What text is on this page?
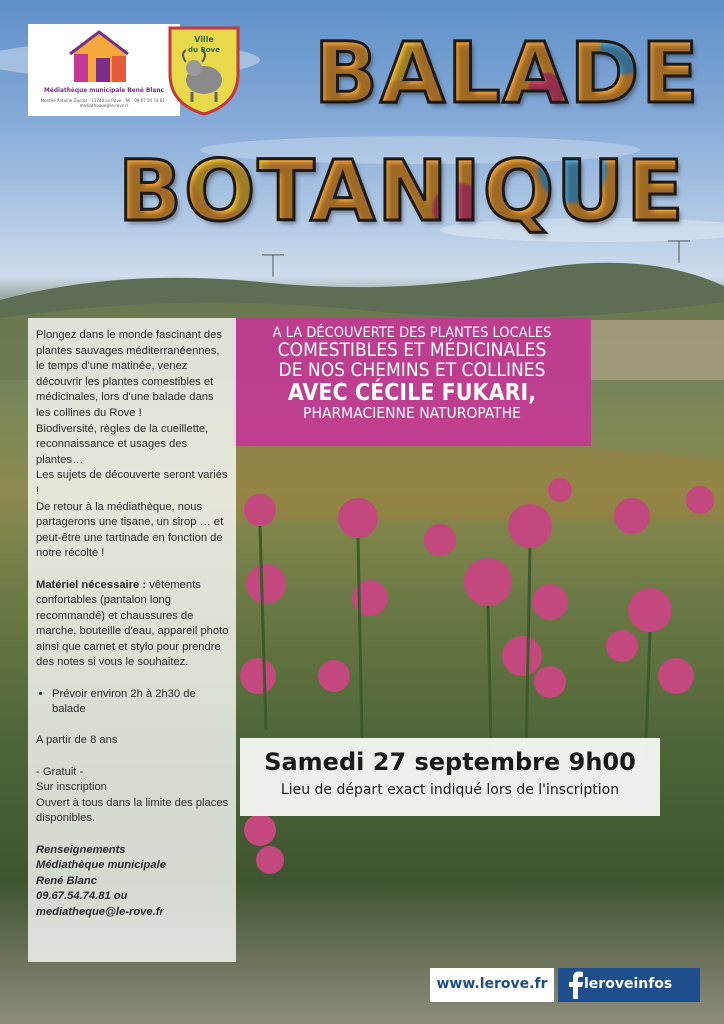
⏉
⏉
Médiathèque municipale René Blanc
Montée Antoine Ducros - 13740 Le Rove · Tel : 09 67 54 74 81 · mediatheque@le-rove.fr
Ville
du Rove BALADE
BOTANIQUE
A LA DÉCOUVERTE DES PLANTES LOCALES
COMESTIBLES ET MÉDICINALES
DE NOS CHEMINS ET COLLINES
AVEC CÉCILE FUKARI,
PHARMACIENNE NATUROPATHE

Plongez dans le monde fascinant des plantes sauvages méditerranéennes, le temps d'une matinée, venez découvrir les plantes comestibles et médicinales, lors d'une balade dans les collines du Rove !

Biodiversité, règles de la cueillette, reconnaissance et usages des plantes…

Les sujets de découverte seront variés !

De retour à la médiathèque, nous partagerons une tisane, un sirop … et peut-être une tartinade en fonction de notre récolte !

Matériel nécessaire : vêtements confortables (pantalon long recommandé) et chaussures de marche, bouteille d'eau, appareil photo ainsi que carnet et stylo pour prendre des notes si vous le souhaitez.

• Prévoir environ 2h à 2h30 de balade

A partir de 8 ans

- Gratuit -

Sur inscription

Ouvert à tous dans la limite des places disponibles.

Renseignements

Médiathèque municipale

René Blanc

09.67.54.74.81 ou

mediatheque@le-rove.fr

Samedi 27 septembre 9h00
Lieu de départ exact indiqué lors de l'inscription
www.lerove.fr	leroveinfos
